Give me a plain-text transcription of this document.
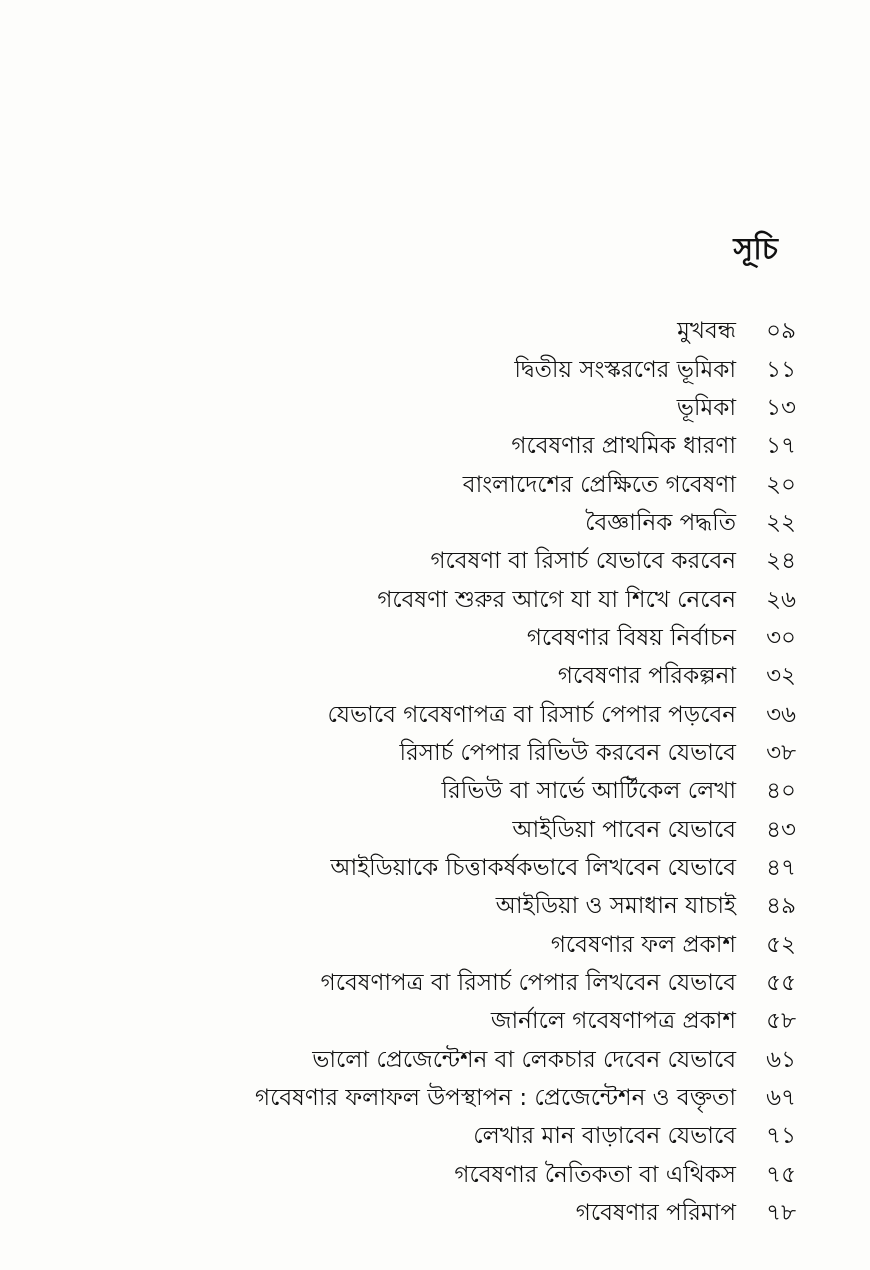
সূচি
মুখবন্ধ	০৯
দ্বিতীয় সংস্করণের ভূমিকা	১১
ভূমিকা	১৩
গবেষণার প্রাথমিক ধারণা	১৭
বাংলাদেশের প্রেক্ষিতে গবেষণা	২০
বৈজ্ঞানিক পদ্ধতি	২২
গবেষণা বা রিসার্চ যেভাবে করবেন	২৪
গবেষণা শুরুর আগে যা যা শিখে নেবেন	২৬
গবেষণার বিষয় নির্বাচন	৩০
গবেষণার পরিকল্পনা	৩২
যেভাবে গবেষণাপত্র বা রিসার্চ পেপার পড়বেন	৩৬
রিসার্চ পেপার রিভিউ করবেন যেভাবে	৩৮
রিভিউ বা সার্ভে আর্টিকেল লেখা	৪০
আইডিয়া পাবেন যেভাবে	৪৩
আইডিয়াকে চিত্তাকর্ষকভাবে লিখবেন যেভাবে	৪৭
আইডিয়া ও সমাধান যাচাই	৪৯
গবেষণার ফল প্রকাশ	৫২
গবেষণাপত্র বা রিসার্চ পেপার লিখবেন যেভাবে	৫৫
জার্নালে গবেষণাপত্র প্রকাশ	৫৮
ভালো প্রেজেন্টেশন বা লেকচার দেবেন যেভাবে	৬১
গবেষণার ফলাফল উপস্থাপন : প্রেজেন্টেশন ও বক্তৃতা	৬৭
লেখার মান বাড়াবেন যেভাবে	৭১
গবেষণার নৈতিকতা বা এথিকস	৭৫
গবেষণার পরিমাপ	৭৮
